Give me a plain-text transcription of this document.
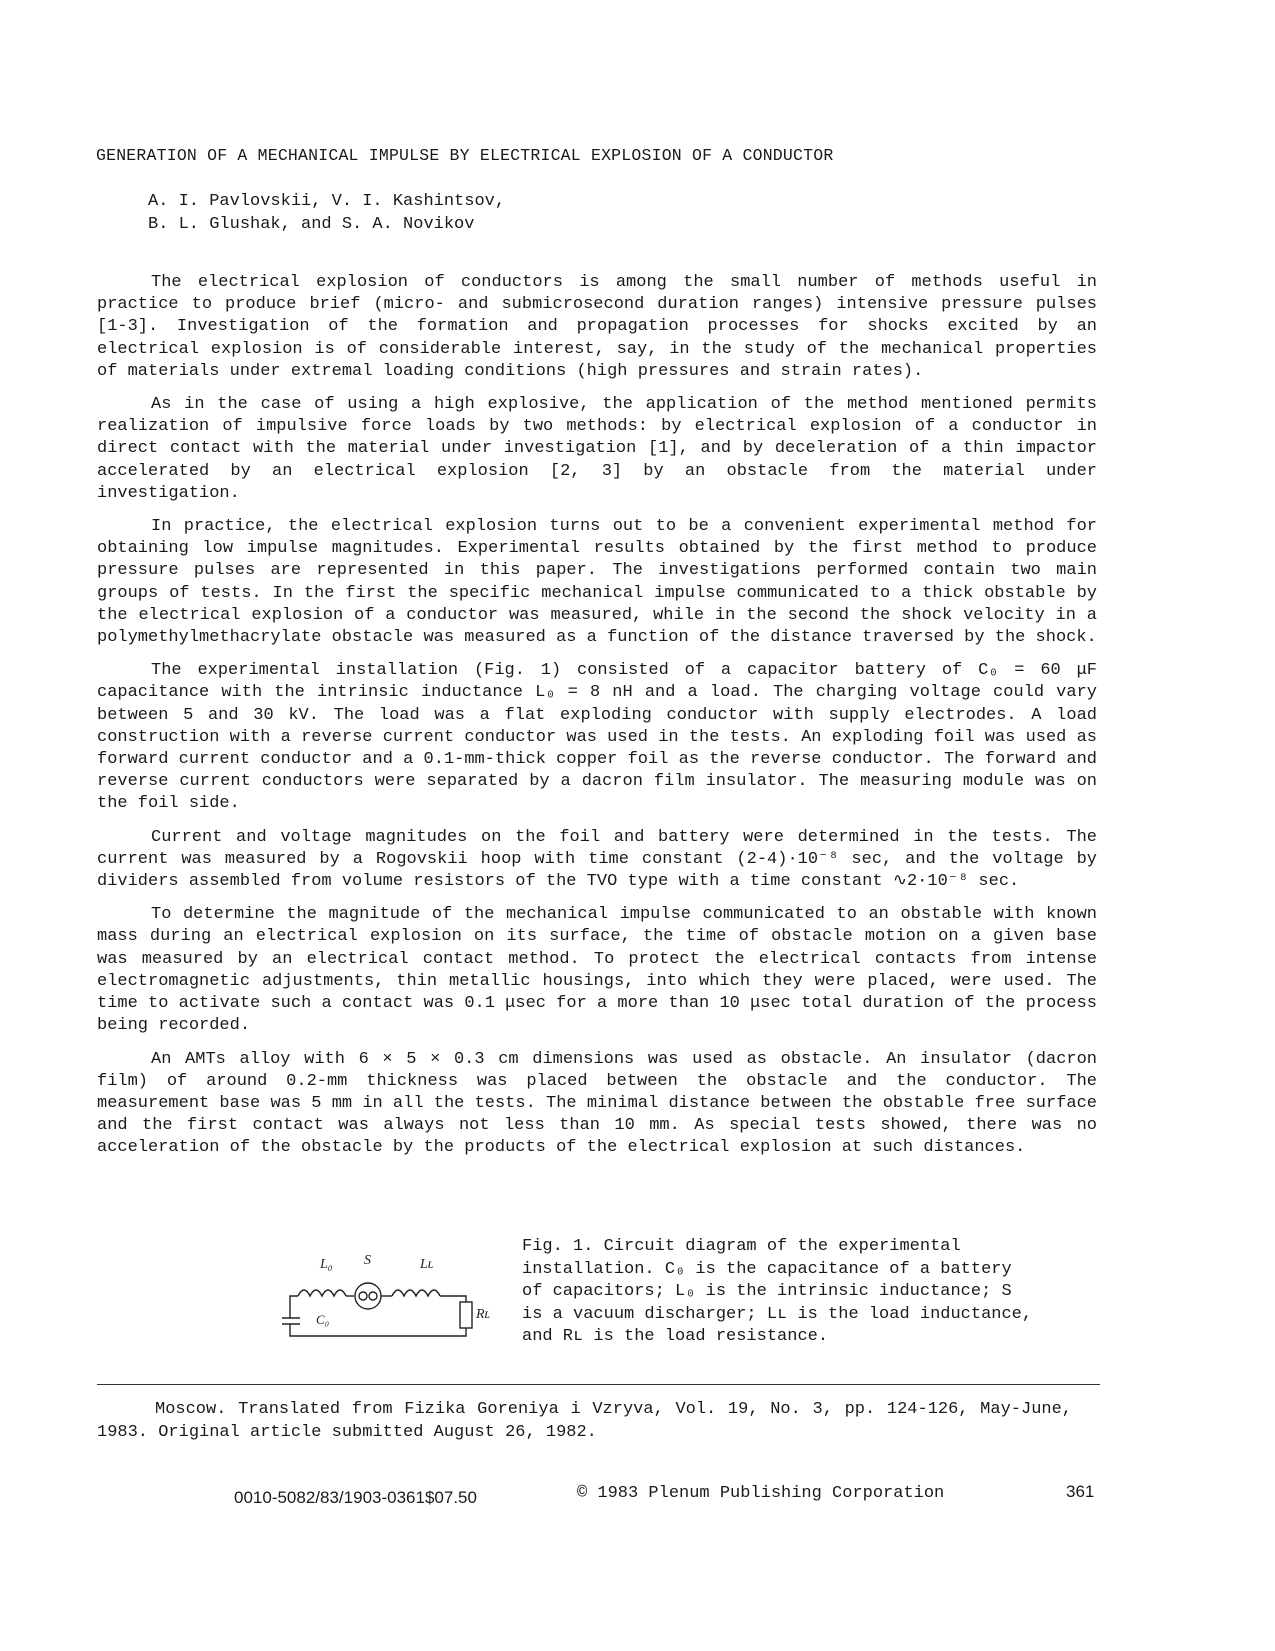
GENERATION OF A MECHANICAL IMPULSE BY ELECTRICAL EXPLOSION OF A CONDUCTOR
A. I. Pavlovskii, V. I. Kashintsov,
B. L. Glushak, and S. A. Novikov

The electrical explosion of conductors is among the small number of methods useful in practice to produce brief (micro- and submicrosecond duration ranges) intensive pressure pulses [1-3]. Investigation of the formation and propagation processes for shocks excited by an electrical explosion is of considerable interest, say, in the study of the mechanical properties of materials under extremal loading conditions (high pressures and strain rates).

As in the case of using a high explosive, the application of the method mentioned permits realization of impulsive force loads by two methods: by electrical explosion of a conductor in direct contact with the material under investigation [1], and by deceleration of a thin impactor accelerated by an electrical explosion [2, 3] by an obstacle from the material under investigation.

In practice, the electrical explosion turns out to be a convenient experimental method for obtaining low impulse magnitudes. Experimental results obtained by the first method to produce pressure pulses are represented in this paper. The investigations performed contain two main groups of tests. In the first the specific mechanical impulse communicated to a thick obstable by the electrical explosion of a conductor was measured, while in the second the shock velocity in a polymethylmethacrylate obstacle was measured as a function of the distance traversed by the shock.

The experimental installation (Fig. 1) consisted of a capacitor battery of C₀ = 60 μF capacitance with the intrinsic inductance L₀ = 8 nH and a load. The charging voltage could vary between 5 and 30 kV. The load was a flat exploding conductor with supply electrodes. A load construction with a reverse current conductor was used in the tests. An exploding foil was used as forward current conductor and a 0.1-mm-thick copper foil as the reverse conductor. The forward and reverse current conductors were separated by a dacron film insulator. The measuring module was on the foil side.

Current and voltage magnitudes on the foil and battery were determined in the tests. The current was measured by a Rogovskii hoop with time constant (2-4)·10⁻⁸ sec, and the voltage by dividers assembled from volume resistors of the TVO type with a time constant ∿2·10⁻⁸ sec.

To determine the magnitude of the mechanical impulse communicated to an obstable with known mass during an electrical explosion on its surface, the time of obstacle motion on a given base was measured by an electrical contact method. To protect the electrical contacts from intense electromagnetic adjustments, thin metallic housings, into which they were placed, were used. The time to activate such a contact was 0.1 μsec for a more than 10 μsec total duration of the process being recorded.

An AMTs alloy with 6 × 5 × 0.3 cm dimensions was used as obstacle. An insulator (dacron film) of around 0.2-mm thickness was placed between the obstacle and the conductor. The measurement base was 5 mm in all the tests. The minimal distance between the obstable free surface and the first contact was always not less than 10 mm. As special tests showed, there was no acceleration of the obstacle by the products of the electrical explosion at such distances.

L₀ S	Lʟ
C₀	Rʟ
Fig. 1. Circuit diagram of the experimental installation. C₀ is the capacitance of a battery of capacitors; L₀ is the intrinsic inductance; S is a vacuum discharger; Lʟ is the load inductance, and Rʟ is the load resistance.
Moscow. Translated from Fizika Goreniya i Vzryva, Vol. 19, No. 3, pp. 124-126, May-June, 1983. Original article submitted August 26, 1982.
0010-5082/83/1903-0361$07.50	© 1983 Plenum Publishing Corporation	361
